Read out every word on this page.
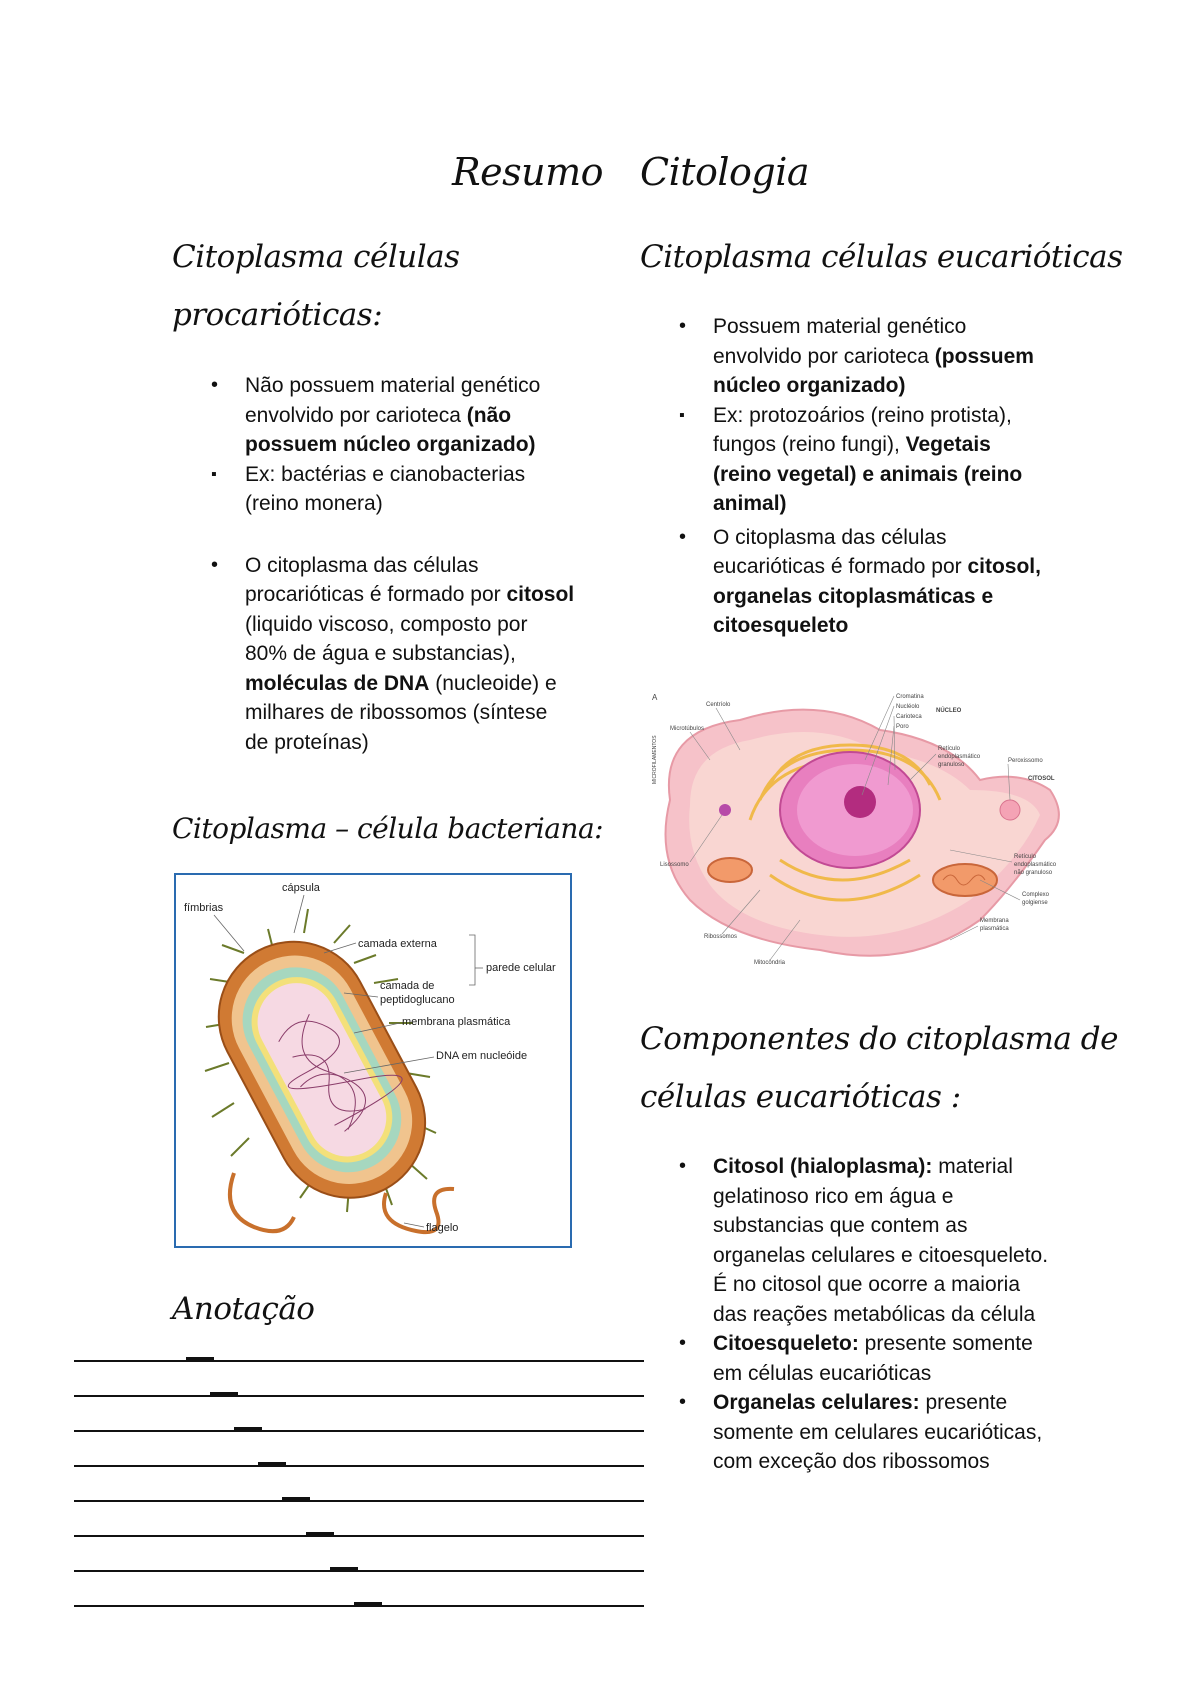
Resumo Citologia
Citoplasma células
procarióticas:
• Não possuem material genético envolvido por carioteca (não possuem núcleo organizado)
▪ Ex: bactérias e cianobacterias (reino monera)
• O citoplasma das células procarióticas é formado por citosol (liquido viscoso, composto por 80% de água e substancias), moléculas de DNA (nucleoide) e milhares de ribossomos (síntese de proteínas)
Citoplasma – célula bacteriana:
fímbrias
cápsula
camada externa
parede celular
camada de
peptidoglucano
membrana plasmática
DNA em nucleóide
flagelo
Anotação
Citoplasma células eucarióticas
• Possuem material genético envolvido por carioteca (possuem núcleo organizado)
▪ Ex: protozoários (reino protista), fungos (reino fungi), Vegetais (reino vegetal) e animais (reino animal)
• O citoplasma das células eucarióticas é formado por citosol, organelas citoplasmáticas e citoesqueleto
A
Centríolo
Microtúbulos
MICROFILAMENTOS
Cromatina
Nucléolo
Carioteca
Poro
NÚCLEO
Retículo
endoplasmático
granuloso
Peroxissomo
CITOSOL
Retículo
endoplasmático
não granuloso
Lisossomo
Complexo
golgiense
Membrana
plasmática
Ribossomos
Mitocôndria
Componentes do citoplasma de
células eucarióticas :
• Citosol (hialoplasma): material gelatinoso rico em água e substancias que contem as organelas celulares e citoesqueleto. É no citosol que ocorre a maioria das reações metabólicas da célula
• Citoesqueleto: presente somente em células eucarióticas
• Organelas celulares: presente somente em celulares eucarióticas, com exceção dos ribossomos
